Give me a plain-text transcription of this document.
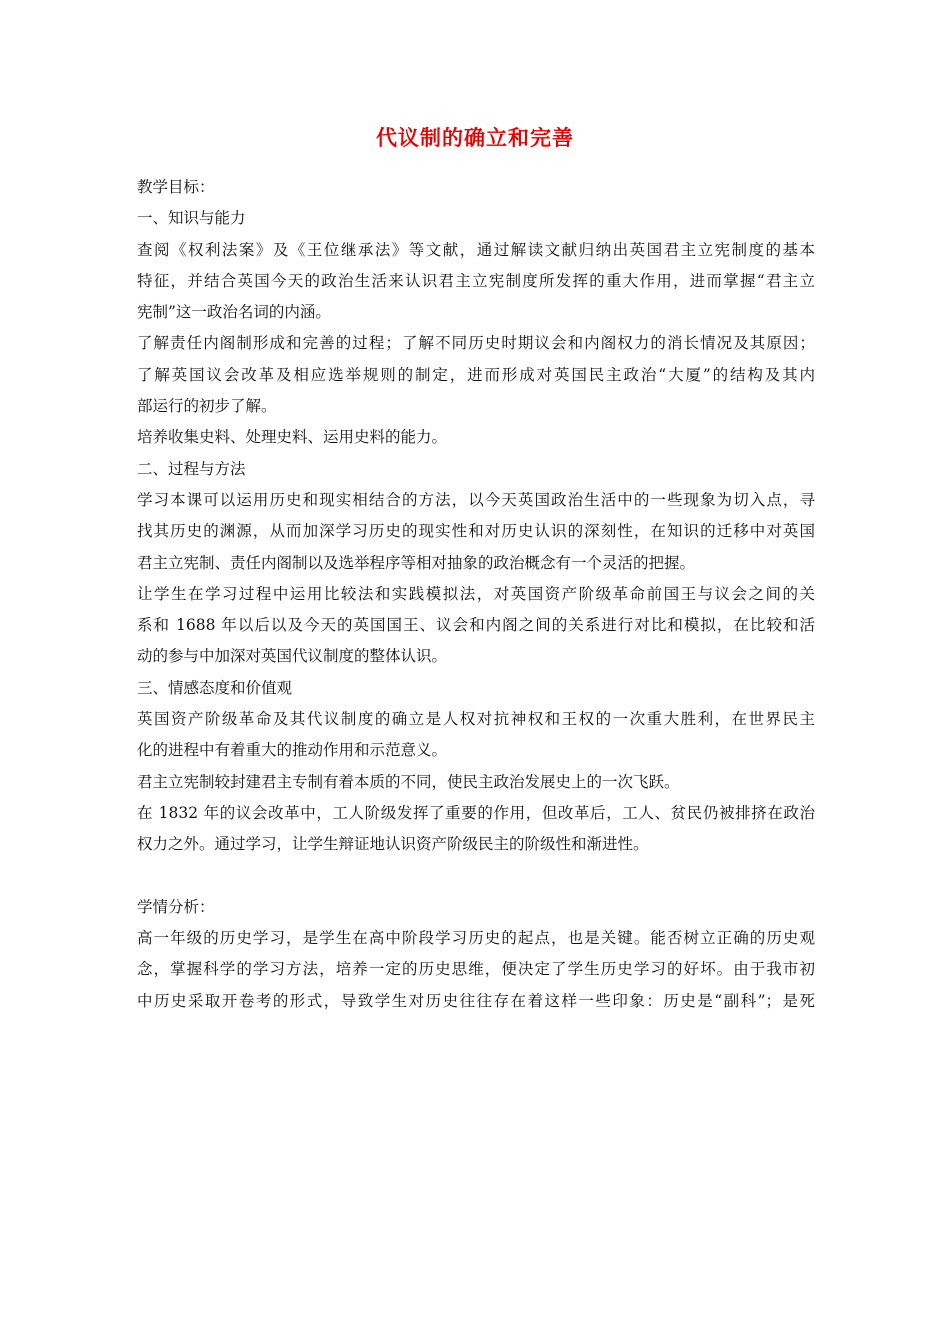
代议制的确立和完善
教学目标：
一、知识与能力
查阅《权利法案》及《王位继承法》等文献，通过解读文献归纳出英国君主立宪制度的基本
特征，并结合英国今天的政治生活来认识君主立宪制度所发挥的重大作用，进而掌握“君主立
宪制”这一政治名词的内涵。
了解责任内阁制形成和完善的过程；了解不同历史时期议会和内阁权力的消长情况及其原因；
了解英国议会改革及相应选举规则的制定，进而形成对英国民主政治“大厦”的结构及其内
部运行的初步了解。
培养收集史料、处理史料、运用史料的能力。
二、过程与方法
学习本课可以运用历史和现实相结合的方法，以今天英国政治生活中的一些现象为切入点，寻
找其历史的渊源，从而加深学习历史的现实性和对历史认识的深刻性，在知识的迁移中对英国
君主立宪制、责任内阁制以及选举程序等相对抽象的政治概念有一个灵活的把握。
让学生在学习过程中运用比较法和实践模拟法，对英国资产阶级革命前国王与议会之间的关
系和 1688 年以后以及今天的英国国王、议会和内阁之间的关系进行对比和模拟，在比较和活
动的参与中加深对英国代议制度的整体认识。
三、情感态度和价值观
英国资产阶级革命及其代议制度的确立是人权对抗神权和王权的一次重大胜利，在世界民主
化的进程中有着重大的推动作用和示范意义。
君主立宪制较封建君主专制有着本质的不同，使民主政治发展史上的一次飞跃。
在 1832 年的议会改革中，工人阶级发挥了重要的作用，但改革后，工人、贫民仍被排挤在政治
权力之外。通过学习，让学生辩证地认识资产阶级民主的阶级性和渐进性。
学情分析：
高一年级的历史学习，是学生在高中阶段学习历史的起点，也是关键。能否树立正确的历史观
念，掌握科学的学习方法，培养一定的历史思维，便决定了学生历史学习的好坏。由于我市初
中历史采取开卷考的形式，导致学生对历史往往存在着这样一些印象：历史是“副科”；是死
